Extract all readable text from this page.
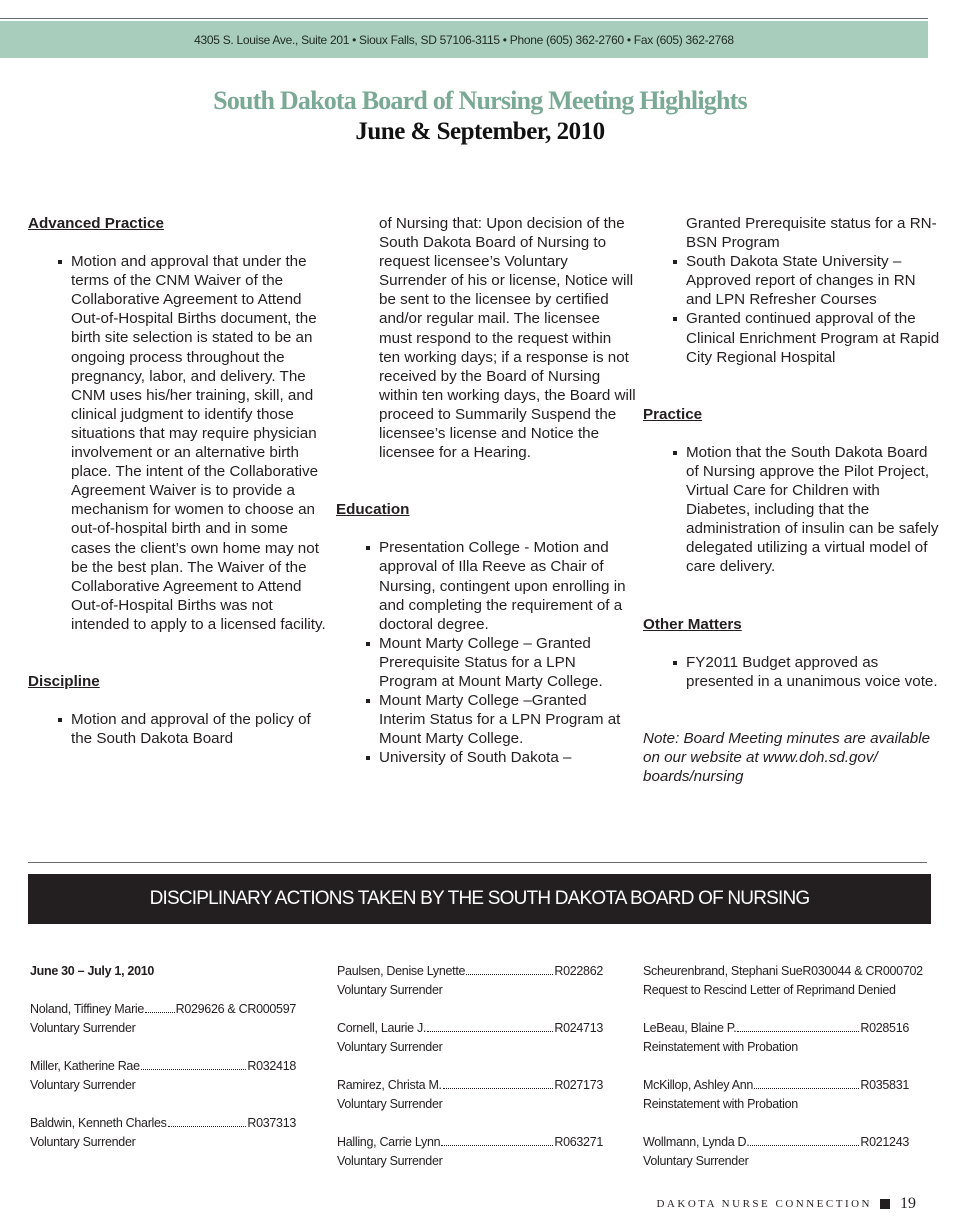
4305 S. Louise Ave., Suite 201 • Sioux Falls, SD 57106-3115 • Phone (605) 362-2760 • Fax (605) 362-2768
South Dakota Board of Nursing Meeting Highlights
June & September, 2010

Advanced Practice

Motion and approval that under the terms of the CNM Waiver of the Collaborative Agreement to Attend Out-of-Hospital Births document, the birth site selection is stated to be an ongoing process throughout the pregnancy, labor, and delivery. The CNM uses his/her training, skill, and clinical judgment to identify those situations that may require physician involvement or an alternative birth place. The intent of the Collaborative Agreement Waiver is to provide a mechanism for women to choose an out-of-hospital birth and in some cases the client’s own home may not be the best plan. The Waiver of the Collaborative Agreement to Attend Out-of-Hospital Births was not intended to apply to a licensed facility.

Discipline

Motion and approval of the policy of the South Dakota Board

of Nursing that: Upon decision of the South Dakota Board of Nursing to request licensee’s Voluntary Surrender of his or license, Notice will be sent to the licensee by certified and/or regular mail. The licensee must respond to the request within ten working days; if a response is not received by the Board of Nursing within ten working days, the Board will proceed to Summarily Suspend the licensee’s license and Notice the licensee for a Hearing.

Education

Presentation College - Motion and approval of Illa Reeve as Chair of Nursing, contingent upon enrolling in and completing the requirement of a doctoral degree.

Mount Marty College – Granted Prerequisite Status for a LPN Program at Mount Marty College.

Mount Marty College –Granted Interim Status for a LPN Program at Mount Marty College.

University of South Dakota –

Granted Prerequisite status for a RN-BSN Program

South Dakota State University – Approved report of changes in RN and LPN Refresher Courses

Granted continued approval of the Clinical Enrichment Program at Rapid City Regional Hospital

Practice

Motion that the South Dakota Board of Nursing approve the Pilot Project, Virtual Care for Children with Diabetes, including that the administration of insulin can be safely delegated utilizing a virtual model of care delivery.

Other Matters

FY2011 Budget approved as presented in a unanimous voice vote.

Note: Board Meeting minutes are available on our website at www.doh.sd.gov/ boards/nursing

DISCIPLINARY ACTIONS TAKEN BY THE SOUTH DAKOTA BOARD OF NURSING

June 30 – July 1, 2010

Noland, Tiffiney Marie	R029626 & CR000597
Voluntary Surrender
Miller, Katherine Rae	R032418
Voluntary Surrender
Baldwin, Kenneth Charles	R037313
Voluntary Surrender
Paulsen, Denise Lynette	R022862
Voluntary Surrender
Cornell, Laurie J.	R024713
Voluntary Surrender
Ramirez, Christa M.	R027173
Voluntary Surrender
Halling, Carrie Lynn	R063271
Voluntary Surrender
Scheurenbrand, Stephani Sue R030044 & CR000702
Request to Rescind Letter of Reprimand Denied
LeBeau, Blaine P.	R028516
Reinstatement with Probation
McKillop, Ashley Ann	R035831
Reinstatement with Probation
Wollmann, Lynda D.	R021243
Voluntary Surrender
DAKOTA NURSE CONNECTION 19
